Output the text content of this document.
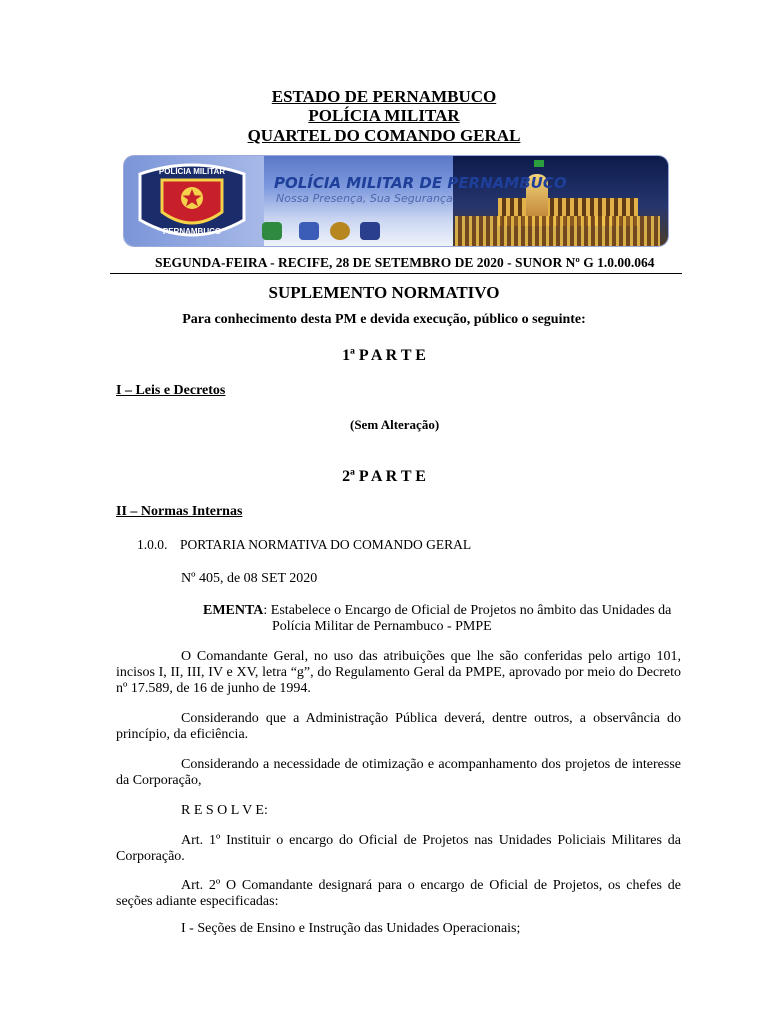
ESTADO DE PERNAMBUCO
POLÍCIA MILITAR
QUARTEL DO COMANDO GERAL
POLÍCIA MILITAR
PERNAMBUCO
POLÍCIA MILITAR DE PERNAMBUCO
Nossa Presença, Sua Segurança
SEGUNDA-FEIRA - RECIFE, 28 DE SETEMBRO DE 2020 - SUNOR Nº G 1.0.00.064
SUPLEMENTO NORMATIVO
Para conhecimento desta PM e devida execução, público o seguinte:
1ª P A R T E
I – Leis e Decretos
(Sem Alteração)
2ª P A R T E
II – Normas Internas
1.0.0. PORTARIA NORMATIVA DO COMANDO GERAL
Nº 405, de 08 SET 2020
EMENTA: Estabelece o Encargo de Oficial de Projetos no âmbito das Unidades da
Polícia Militar de Pernambuco - PMPE
O Comandante Geral, no uso das atribuições que lhe são conferidas pelo artigo 101, incisos I, II, III, IV e XV, letra “g”, do Regulamento Geral da PMPE, aprovado por meio do Decreto nº 17.589, de 16 de junho de 1994.
Considerando que a Administração Pública deverá, dentre outros, a observância do princípio, da eficiência.
Considerando a necessidade de otimização e acompanhamento dos projetos de interesse da Corporação,
R E S O L V E:
Art. 1º Instituir o encargo do Oficial de Projetos nas Unidades Policiais Militares da Corporação.
Art. 2º O Comandante designará para o encargo de Oficial de Projetos, os chefes de seções adiante especificadas:
I - Seções de Ensino e Instrução das Unidades Operacionais;
